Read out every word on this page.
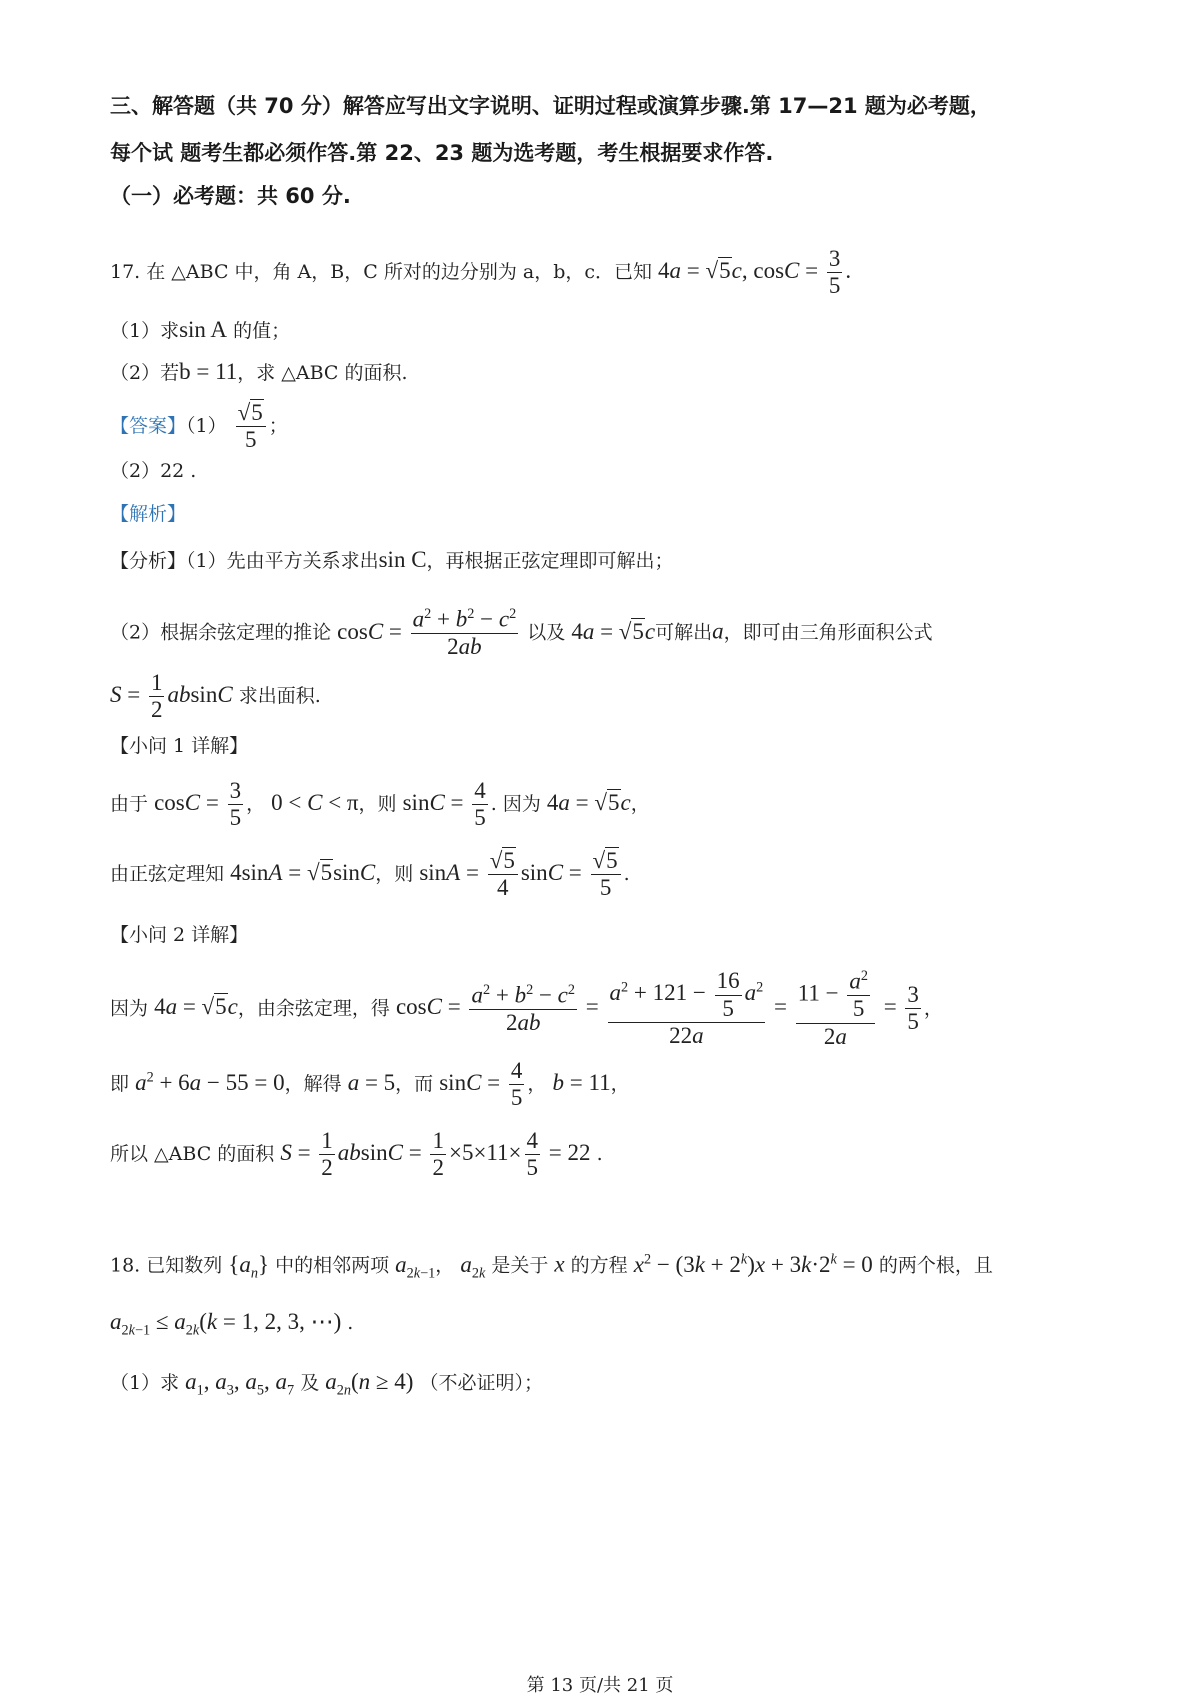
三、解答题（共 70 分）解答应写出文字说明、证明过程或演算步骤.第 17—21 题为必考题，
每个试 题考生都必须作答.第 22、23 题为选考题，考生根据要求作答.
（一）必考题：共 60 分.
17. 在 △ABC 中，角 A，B，C 所对的边分别为 a，b，c．已知 4a = √5c, $\cos C = \frac{3}{5}$ .
（1）求sin A 的值；
（2）若b = 11，求 △ABC 的面积.
【答案】$(1) \frac{√5}{5}$ ；
（2）22 .
【解析】
【分析】（1）先由平方关系求出sin C，再根据正弦定理即可解出；
（2）根据余弦定理的推论 $\cos C = \frac{a^2 + b^2 - c^2}{2ab}$ 以及 4a = √5c可解出a，即可由三角形面积公式
$S = \frac{1}{2}$ absinC 求出面积.
【小问 1 详解】
由于 $\cos C = \frac{3}{5}$ ， 0 < C < π，则 $\sin C = \frac{4}{5}$ . 因为 4a = √5c，
由正弦定理知 4sinA = √5sinC，则 $\sin A = \frac{√5}{4}$ $\sin C = \frac{√5}{5}$ .
【小问 2 详解】
因为 4a = √5c，由余弦定理，得 $\cos C = \frac{a^2 + b^2 - c^2}{2ab} = \frac{a^2 + 121 - \frac{16}{5} a^2}{22a} = \frac{11 - \frac{a^2}{5}}{2a} = \frac{3}{5}$ ，
即 $a^2 + 6a - 55 = 0$，解得 a = 5，而 $\sin C = \frac{4}{5}$ ， b = 11，
所以 △ABC 的面积 $S = \frac{1}{2}$ $absinC = \frac{1}{2} \times 5\times 11\times \frac{4}{5} = 22$ .
18. 已知数列 $\{a_n\}$ 中的相邻两项 $a_{2k-1}$， $a_{2k}$ 是关于 x 的方程 $x^2 - (3k + 2^k)x + 3k\cdot 2^k = 0$ 的两个根，且
$a_{2k-1} \le a_{2k}(k = 1$, 2, 3, ⋯) .
（1）求 $a_1$, $a_3$, $a_5$, $a_7$ 及 $a_{2n}(n \ge 4)$ （不必证明）；
第 13 页/共 21 页
